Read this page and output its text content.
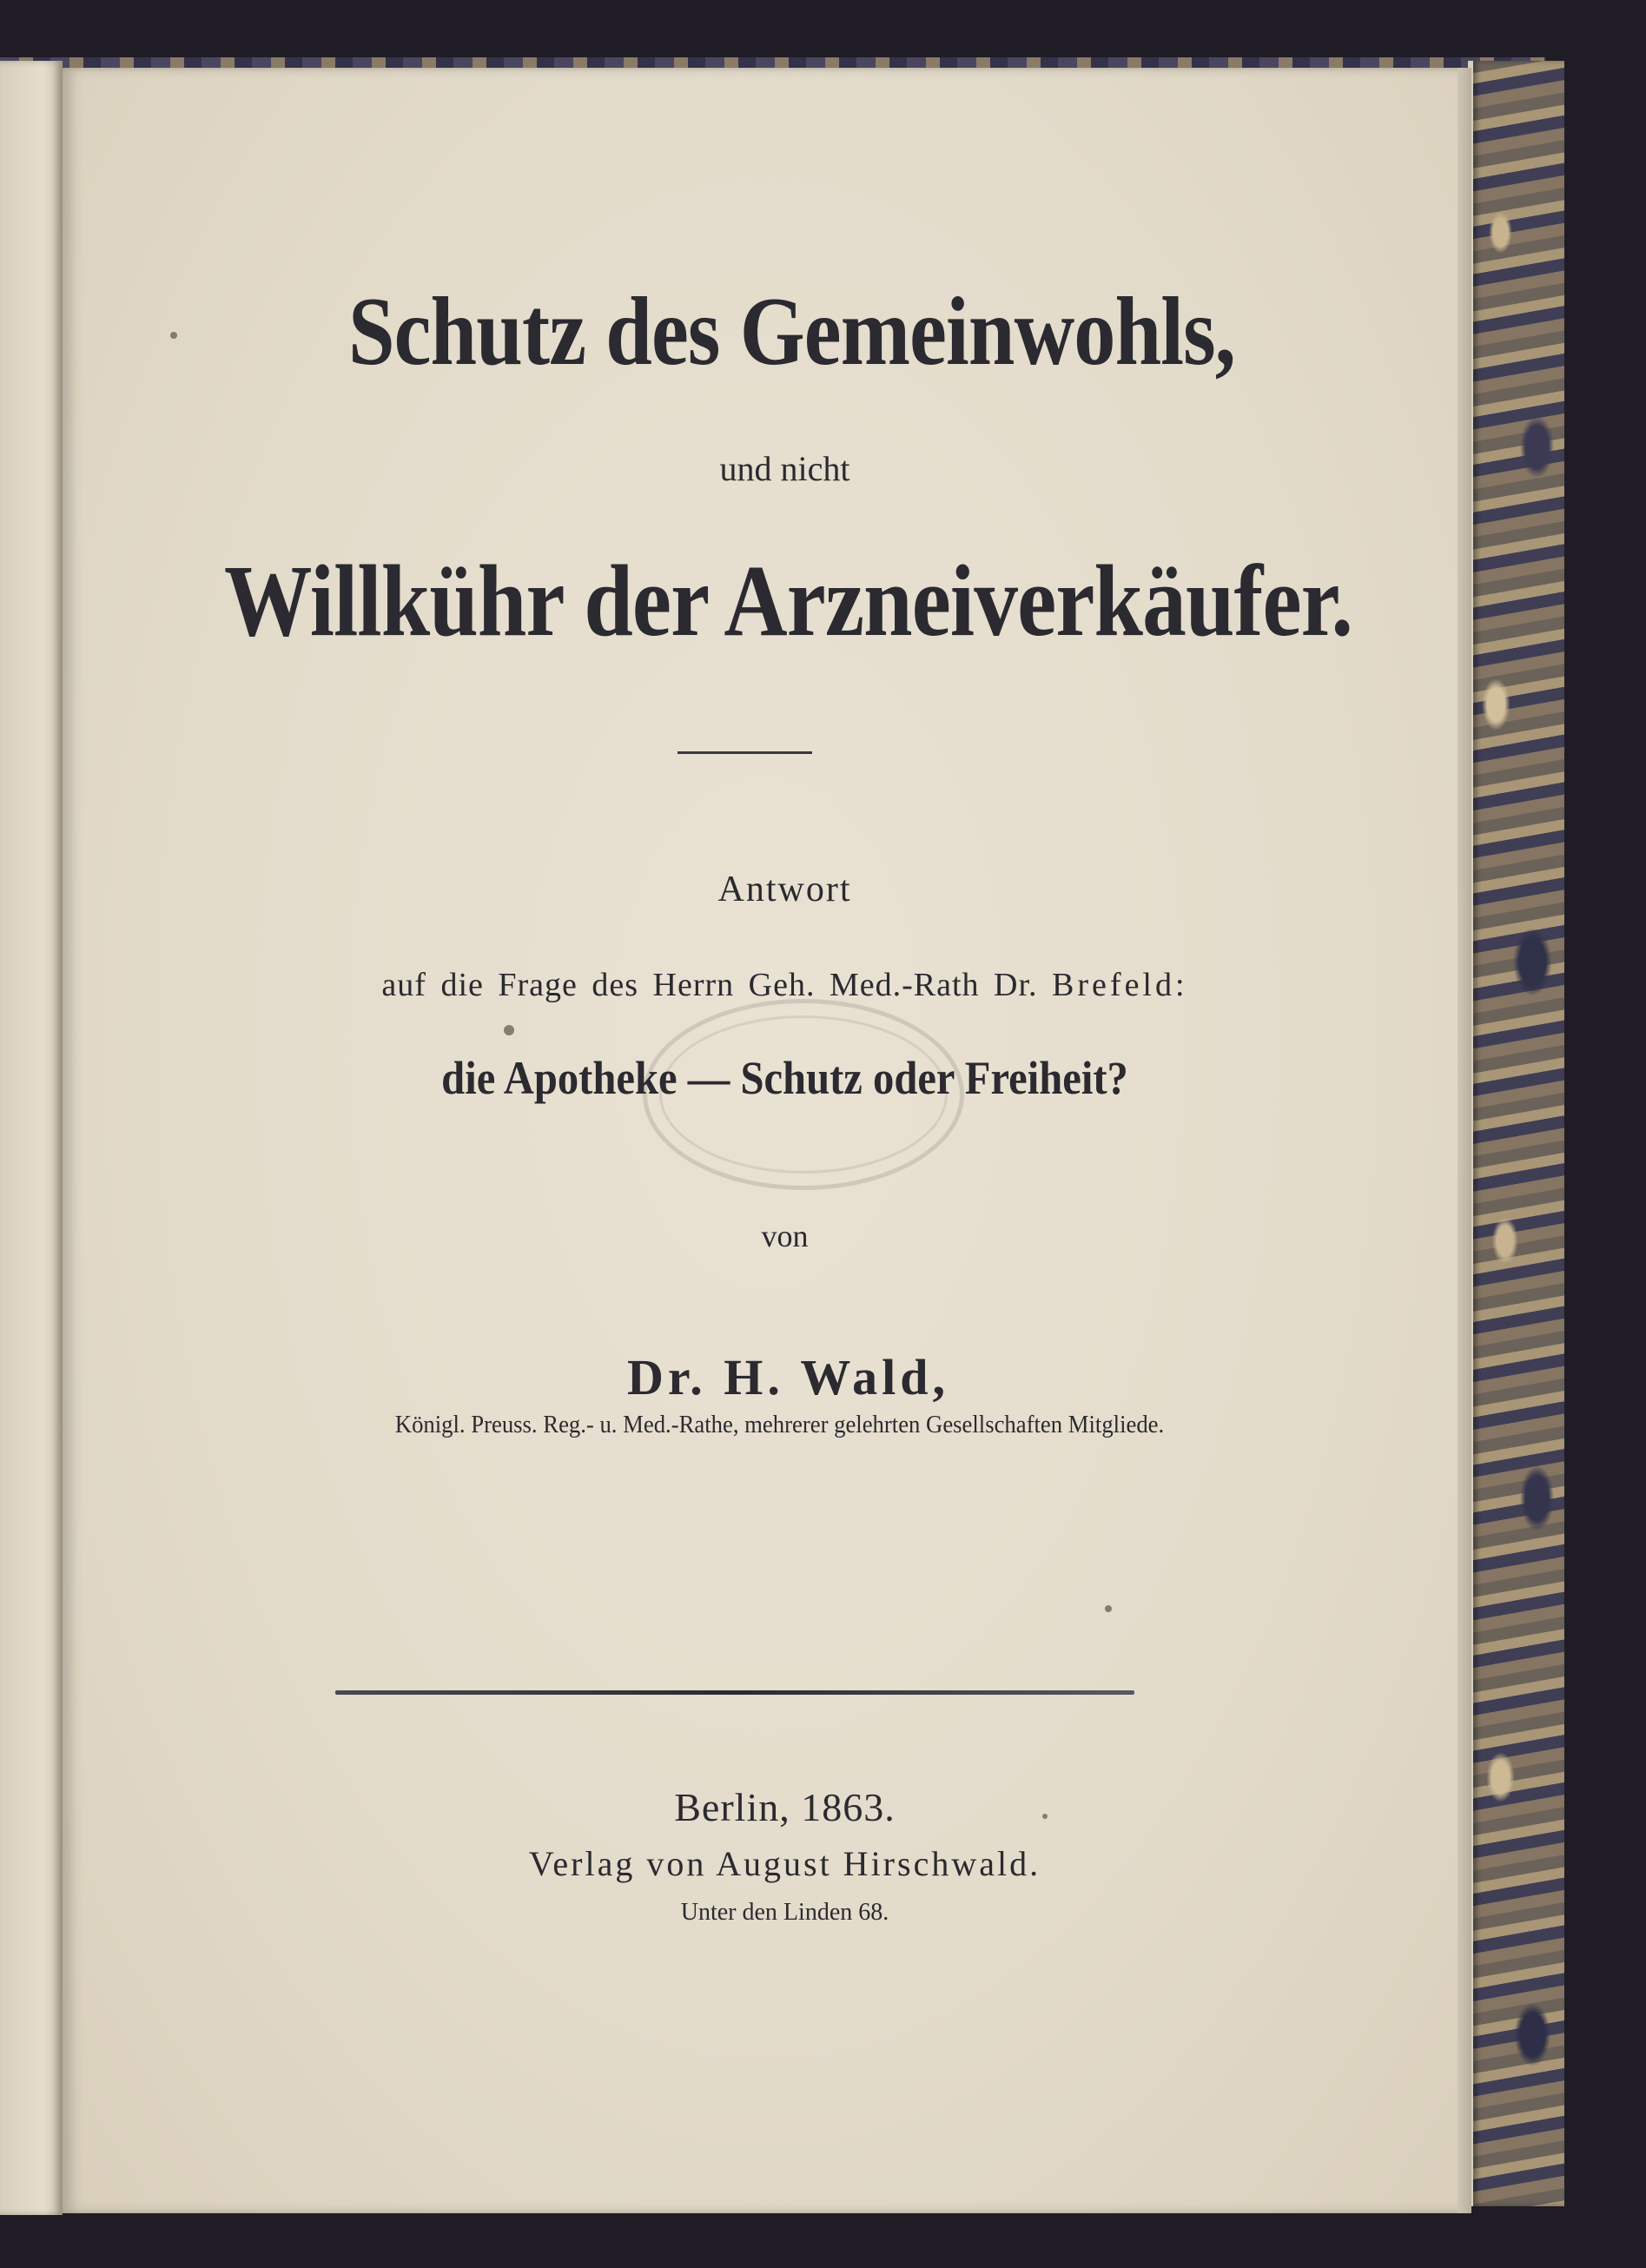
Schutz des Gemeinwohls,
und nicht
Willkühr der Arzneiverkäufer.
Antwort
auf die Frage des Herrn Geh. Med.-Rath Dr. Brefeld:
die Apotheke — Schutz oder Freiheit?
von
Dr. H. Wald,
Königl. Preuss. Reg.- u. Med.-Rathe, mehrerer gelehrten Gesellschaften Mitgliede.
Berlin, 1863.
Verlag von August Hirschwald.
Unter den Linden 68.
